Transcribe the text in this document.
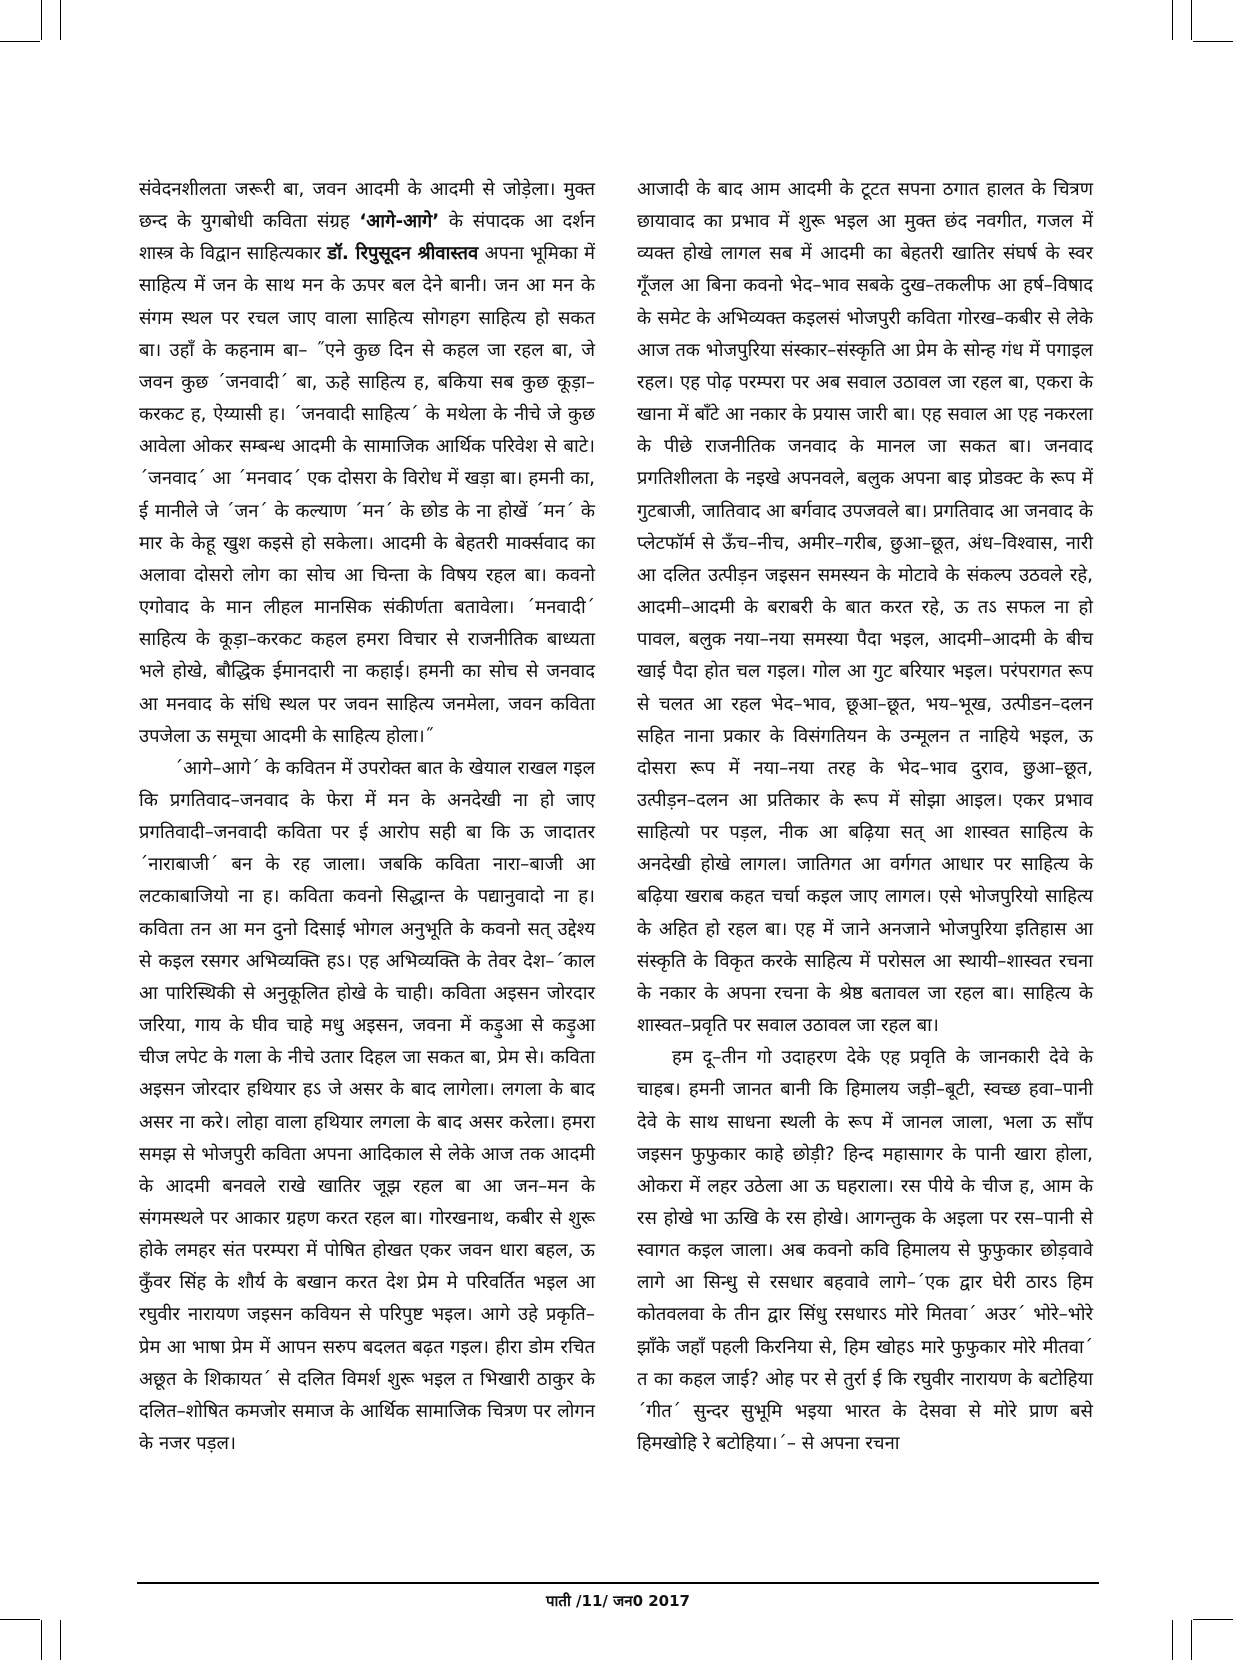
संवेदनशीलता जरूरी बा, जवन आदमी के आदमी से जोड़ेला। मुक्त छन्द के युगबोधी कविता संग्रह ‘आगे-आगे’ के संपादक आ दर्शन शास्त्र के विद्वान साहित्यकार डॉ. रिपुसूदन श्रीवास्तव अपना भूमिका में साहित्य में जन के साथ मन के ऊपर बल देने बानी। जन आ मन के संगम स्थल पर रचल जाए वाला साहित्य सोगहग साहित्य हो सकत बा। उहाँ के कहनाम बा– ˝एने कुछ दिन से कहल जा रहल बा, जे जवन कुछ ´जनवादी´ बा, ऊहे साहित्य ह, बकिया सब कुछ कूड़ा–करकट ह, ऐय्यासी ह। ´जनवादी साहित्य´ के मथेला के नीचे जे कुछ आवेला ओकर सम्बन्ध आदमी के सामाजिक आर्थिक परिवेश से बाटे। ´जनवाद´ आ ´मनवाद´ एक दोसरा के विरोध में खड़ा बा। हमनी का, ई मानीले जे ´जन´ के कल्याण ´मन´ के छोड के ना होखें ´मन´ के मार के केहू खुश कइसे हो सकेला। आदमी के बेहतरी मार्क्सवाद का अलावा दोसरो लोग का सोच आ चिन्ता के विषय रहल बा। कवनो एगोवाद के मान लीहल मानसिक संकीर्णता बतावेला। ´मनवादी´ साहित्य के कूड़ा–करकट कहल हमरा विचार से राजनीतिक बाध्यता भले होखे, बौद्धिक ईमानदारी ना कहाई। हमनी का सोच से जनवाद आ मनवाद के संधि स्थल पर जवन साहित्य जनमेला, जवन कविता उपजेला ऊ समूचा आदमी के साहित्य होला।˝

´आगे–आगे´ के कवितन में उपरोक्त बात के खेयाल राखल गइल कि प्रगतिवाद–जनवाद के फेरा में मन के अनदेखी ना हो जाए प्रगतिवादी–जनवादी कविता पर ई आरोप सही बा कि ऊ जादातर ´नाराबाजी´ बन के रह जाला। जबकि कविता नारा–बाजी आ लटकाबाजियो ना ह। कविता कवनो सिद्धान्त के पद्यानुवादो ना ह। कविता तन आ मन दुनो दिसाई भोगल अनुभूति के कवनो सत् उद्देश्य से कइल रसगर अभिव्यक्ति हऽ। एह अभिव्यक्ति के तेवर देश–´काल आ पारिस्थिकी से अनुकूलित होखे के चाही। कविता अइसन जोरदार जरिया, गाय के घीव चाहे मधु अइसन, जवना में कड़ुआ से कड़ुआ चीज लपेट के गला के नीचे उतार दिहल जा सकत बा, प्रेम से। कविता अइसन जोरदार हथियार हऽ जे असर के बाद लागेला। लगला के बाद असर ना करे। लोहा वाला हथियार लगला के बाद असर करेला। हमरा समझ से भोजपुरी कविता अपना आदिकाल से लेके आज तक आदमी के आदमी बनवले राखे खातिर जूझ रहल बा आ जन–मन के संगमस्थले पर आकार ग्रहण करत रहल बा। गोरखनाथ, कबीर से शुरू होके लमहर संत परम्परा में पोषित होखत एकर जवन धारा बहल, ऊ कुँवर सिंह के शौर्य के बखान करत देश प्रेम मे परिवर्तित भइल आ रघुवीर नारायण जइसन कवियन से परिपुष्ट भइल। आगे उहे प्रकृति–प्रेम आ भाषा प्रेम में आपन सरुप बदलत बढ़त गइल। हीरा डोम रचित अछूत के शिकायत´ से दलित विमर्श शुरू भइल त भिखारी ठाकुर के दलित–शोषित कमजोर समाज के आर्थिक सामाजिक चित्रण पर लोगन के नजर पड़ल।

आजादी के बाद आम आदमी के टूटत सपना ठगात हालत के चित्रण छायावाद का प्रभाव में शुरू भइल आ मुक्त छंद नवगीत, गजल में व्यक्त होखे लागल सब में आदमी का बेहतरी खातिर संघर्ष के स्वर गूँजल आ बिना कवनो भेद–भाव सबके दुख–तकलीफ आ हर्ष–विषाद के समेट के अभिव्यक्त कइलसं भोजपुरी कविता गोरख–कबीर से लेके आज तक भोजपुरिया संस्कार–संस्कृति आ प्रेम के सोन्ह गंध में पगाइल रहल। एह पोढ़ परम्परा पर अब सवाल उठावल जा रहल बा, एकरा के खाना में बाँटे आ नकार के प्रयास जारी बा। एह सवाल आ एह नकरला के पीछे राजनीतिक जनवाद के मानल जा सकत बा। जनवाद प्रगतिशीलता के नइखे अपनवले, बलुक अपना बाइ प्रोडक्ट के रूप में गुटबाजी, जातिवाद आ बर्गवाद उपजवले बा। प्रगतिवाद आ जनवाद के प्लेटफॉर्म से ऊँच–नीच, अमीर–गरीब, छुआ–छूत, अंध–विश्वास, नारी आ दलित उत्पीड़न जइसन समस्यन के मोटावे के संकल्प उठवले रहे, आदमी–आदमी के बराबरी के बात करत रहे, ऊ तऽ सफल ना हो पावल, बलुक नया–नया समस्या पैदा भइल, आदमी–आदमी के बीच खाई पैदा होत चल गइल। गोल आ गुट बरियार भइल। परंपरागत रूप से चलत आ रहल भेद–भाव, छूआ–छूत, भय–भूख, उत्पीडन–दलन सहित नाना प्रकार के विसंगतियन के उन्मूलन त नाहिये भइल, ऊ दोसरा रूप में नया–नया तरह के भेद–भाव दुराव, छुआ–छूत, उत्पीड़न–दलन आ प्रतिकार के रूप में सोझा आइल। एकर प्रभाव साहित्यो पर पड़ल, नीक आ बढ़िया सत् आ शास्वत साहित्य के अनदेखी होखे लागल। जातिगत आ वर्गगत आधार पर साहित्य के बढ़िया खराब कहत चर्चा कइल जाए लागल। एसे भोजपुरियो साहित्य के अहित हो रहल बा। एह में जाने अनजाने भोजपुरिया इतिहास आ संस्कृति के विकृत करके साहित्य में परोसल आ स्थायी–शास्वत रचना के नकार के अपना रचना के श्रेष्ठ बतावल जा रहल बा। साहित्य के शास्वत–प्रवृति पर सवाल उठावल जा रहल बा।

हम दू–तीन गो उदाहरण देके एह प्रवृति के जानकारी देवे के चाहब। हमनी जानत बानी कि हिमालय जड़ी–बूटी, स्वच्छ हवा–पानी देवे के साथ साधना स्थली के रूप में जानल जाला, भला ऊ साँप जइसन फुफुकार काहे छोड़ी? हिन्द महासागर के पानी खारा होला, ओकरा में लहर उठेला आ ऊ घहराला। रस पीये के चीज ह, आम के रस होखे भा ऊखि के रस होखे। आगन्तुक के अइला पर रस–पानी से स्वागत कइल जाला। अब कवनो कवि हिमालय से फुफुकार छोड़वावे लागे आ सिन्धु से रसधार बहवावे लागे–´एक द्वार घेरी ठारऽ हिम कोतवलवा के तीन द्वार सिंधु रसधारऽ मोरे मितवा´ अउर´ भोरे–भोरे झाँके जहाँ पहली किरनिया से, हिम खोहऽ मारे फुफुकार मोरे मीतवा´ त का कहल जाई? ओह पर से तुर्रा ई कि रघुवीर नारायण के बटोहिया ´गीत´ सुन्दर सुभूमि भइया भारत के देसवा से मोरे प्राण बसे हिमखोहि रे बटोहिया।´– से अपना रचना

पाती /11/ जन0 2017
